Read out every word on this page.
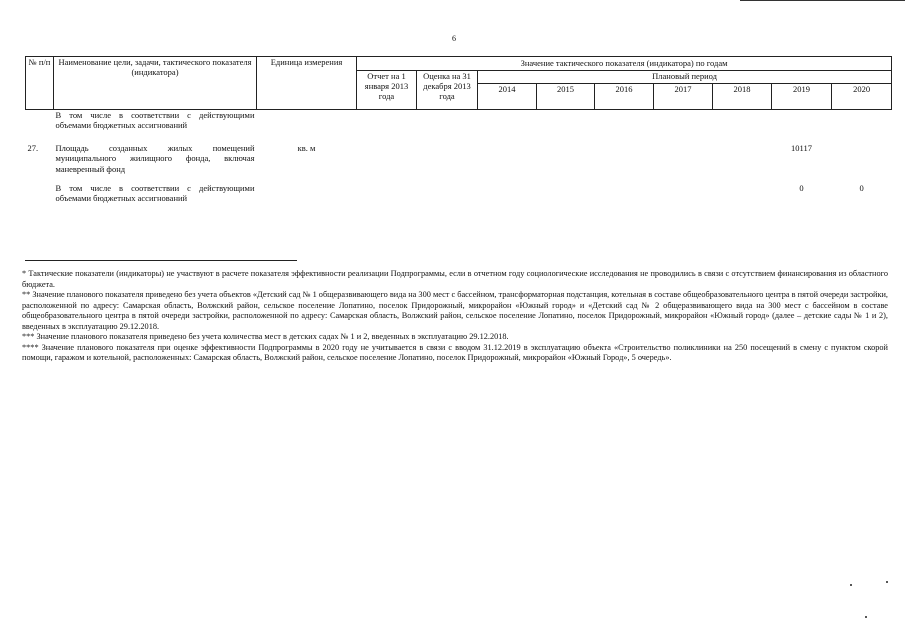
6
№ п/п	Наименование цели, задачи, тактического показателя (индикатора)	Единица измерения	Значение тактического показателя (индикатора) по годам								
			Отчет на 1 января 2013 года	Оценка на 31 декабря 2013 года	Плановый период						
					2014	2015	2016	2017	2018	2019	2020
	В том числе в соответствии с действующими объемами бюджетных ассигнований										
27.	Площадь созданных жилых помещений муниципального жилищного фонда, включая маневренный фонд	кв. м								10117	
	В том числе в соответствии с действующими объемами бюджетных ассигнований									0	0

* Тактические показатели (индикаторы) не участвуют в расчете показателя эффективности реализации Подпрограммы, если в отчетном году социологические исследования не проводились в связи с отсутствием финансирования из областного бюджета.

** Значение планового показателя приведено без учета объектов «Детский сад № 1 общеразвивающего вида на 300 мест с бассейном, трансформаторная подстанция, котельная в составе общеобразовательного центра в пятой очереди застройки, расположенной по адресу: Самарская область, Волжский район, сельское поселение Лопатино, поселок Придорожный, микрорайон «Южный город» и «Детский сад № 2 общеразвивающего вида на 300 мест с бассейном в составе общеобразовательного центра в пятой очереди застройки, расположенной по адресу: Самарская область, Волжский район, сельское поселение Лопатино, поселок Придорожный, микрорайон «Южный город» (далее – детские сады № 1 и 2), введенных в эксплуатацию 29.12.2018.

*** Значение планового показателя приведено без учета количества мест в детских садах № 1 и 2, введенных в эксплуатацию 29.12.2018.

**** Значение планового показателя при оценке эффективности Подпрограммы в 2020 году не учитывается в связи с вводом 31.12.2019 в эксплуатацию объекта «Строительство поликлиники на 250 посещений в смену с пунктом скорой помощи, гаражом и котельной, расположенных: Самарская область, Волжский район, сельское поселение Лопатино, поселок Придорожный, микрорайон «Южный Город», 5 очередь».
